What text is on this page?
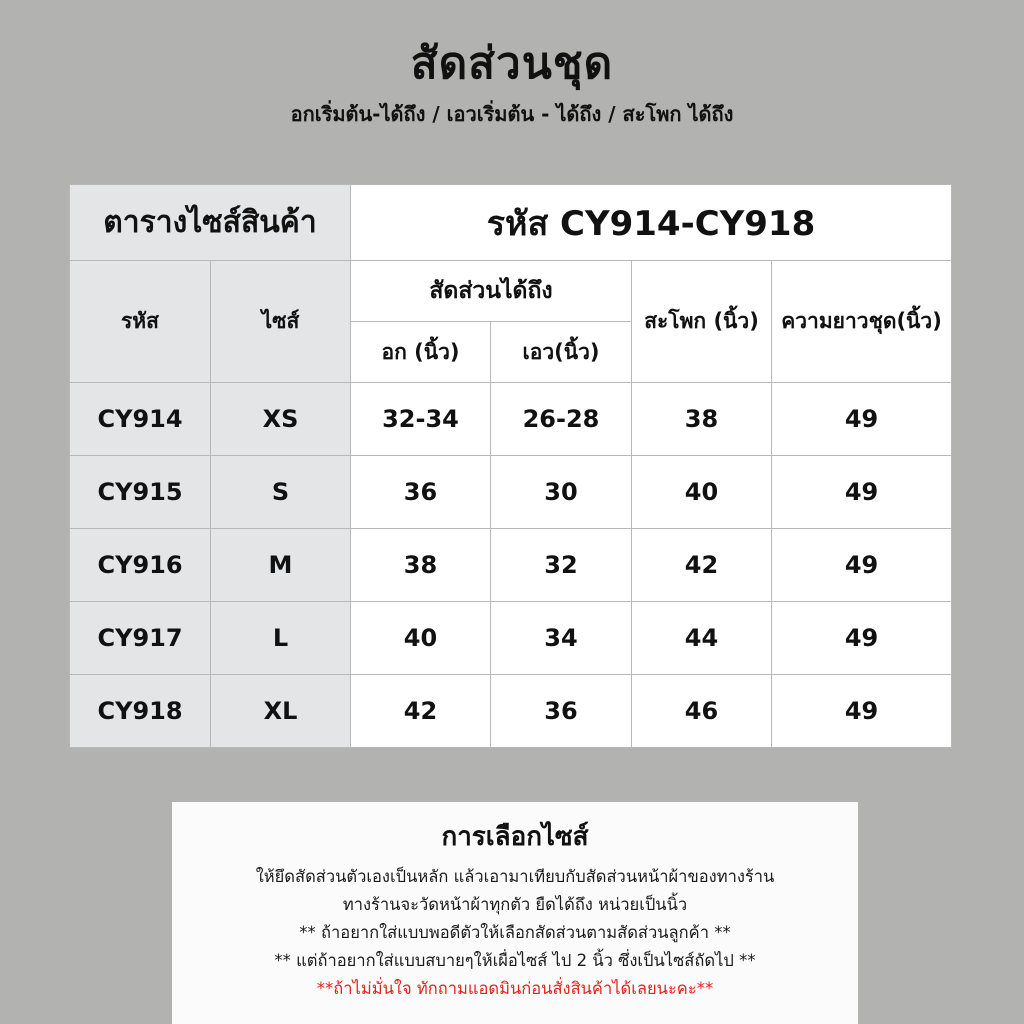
สัดส่วนชุด
อกเริ่มต้น-ได้ถึง / เอวเริ่มต้น - ได้ถึง / สะโพก ได้ถึง
ตารางไซส์สินค้า		รหัส CY914-CY918			
รหัส	ไซส์	สัดส่วนได้ถึง		สะโพก (นิ้ว)	ความยาวชุด(นิ้ว)
		อก (นิ้ว)	เอว(นิ้ว)		
CY914	XS	32-34	26-28	38	49
CY915	S	36	30	40	49
CY916	M	38	32	42	49
CY917	L	40	34	44	49
CY918	XL	42	36	46	49
การเลือกไซส์

ให้ยึดสัดส่วนตัวเองเป็นหลัก แล้วเอามาเทียบกับสัดส่วนหน้าผ้าของทางร้าน

ทางร้านจะวัดหน้าผ้าทุกตัว ยืดได้ถึง หน่วยเป็นนิ้ว

** ถ้าอยากใส่แบบพอดีตัวให้เลือกสัดส่วนตามสัดส่วนลูกค้า **

** แต่ถ้าอยากใส่แบบสบายๆให้เผื่อไซส์ ไป 2 นิ้ว ซึ่งเป็นไซส์ถัดไป **

**ถ้าไม่มั่นใจ ทักถามแอดมินก่อนสั่งสินค้าได้เลยนะคะ**
